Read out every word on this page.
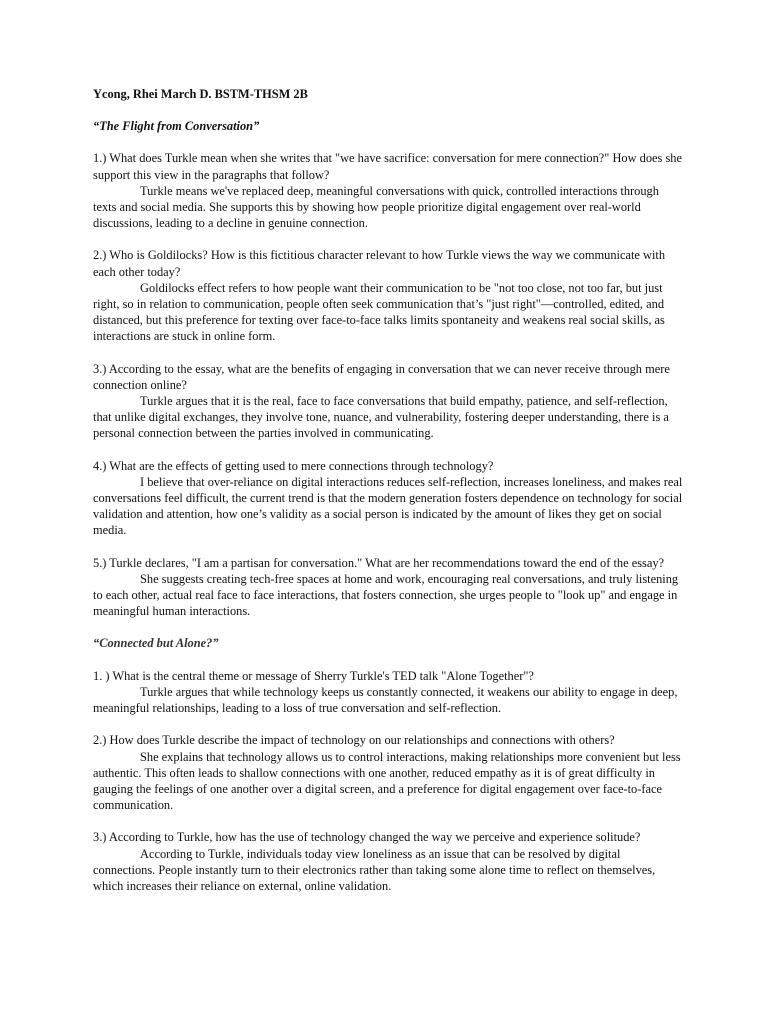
Ycong, Rhei March D. BSTM-THSM 2B

“The Flight from Conversation”

1.) What does Turkle mean when she writes that "we have sacrifice: conversation for mere connection?" How does she support this view in the paragraphs that follow?

Turkle means we've replaced deep, meaningful conversations with quick, controlled interactions through texts and social media. She supports this by showing how people prioritize digital engagement over real-world discussions, leading to a decline in genuine connection.

2.) Who is Goldilocks? How is this fictitious character relevant to how Turkle views the way we communicate with each other today?

Goldilocks effect refers to how people want their communication to be "not too close, not too far, but just right, so in relation to communication, people often seek communication that’s "just right"—controlled, edited, and distanced, but this preference for texting over face-to-face talks limits spontaneity and weakens real social skills, as interactions are stuck in online form.

3.) According to the essay, what are the benefits of engaging in conversation that we can never receive through mere connection online?

Turkle argues that it is the real, face to face conversations that build empathy, patience, and self-reflection, that unlike digital exchanges, they involve tone, nuance, and vulnerability, fostering deeper understanding, there is a personal connection between the parties involved in communicating.

4.) What are the effects of getting used to mere connections through technology?

I believe that over-reliance on digital interactions reduces self-reflection, increases loneliness, and makes real conversations feel difficult, the current trend is that the modern generation fosters dependence on technology for social validation and attention, how one’s validity as a social person is indicated by the amount of likes they get on social media.

5.) Turkle declares, "I am a partisan for conversation." What are her recommendations toward the end of the essay?

She suggests creating tech-free spaces at home and work, encouraging real conversations, and truly listening to each other, actual real face to face interactions, that fosters connection, she urges people to "look up" and engage in meaningful human interactions.

“Connected but Alone?”

1. ) What is the central theme or message of Sherry Turkle's TED talk "Alone Together"?

Turkle argues that while technology keeps us constantly connected, it weakens our ability to engage in deep, meaningful relationships, leading to a loss of true conversation and self-reflection.

2.) How does Turkle describe the impact of technology on our relationships and connections with others?

She explains that technology allows us to control interactions, making relationships more convenient but less authentic. This often leads to shallow connections with one another, reduced empathy as it is of great difficulty in gauging the feelings of one another over a digital screen, and a preference for digital engagement over face-to-face communication.

3.) According to Turkle, how has the use of technology changed the way we perceive and experience solitude?

According to Turkle, individuals today view loneliness as an issue that can be resolved by digital connections. People instantly turn to their electronics rather than taking some alone time to reflect on themselves, which increases their reliance on external, online validation.
